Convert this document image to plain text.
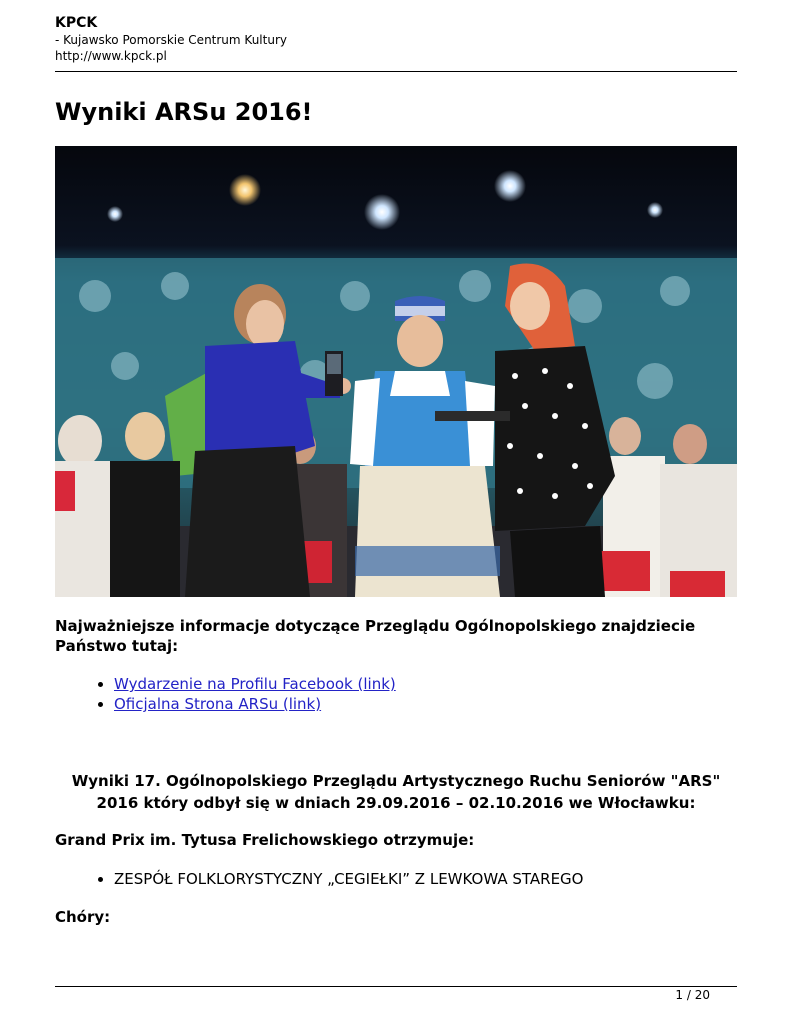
KPCK
- Kujawsko Pomorskie Centrum Kultury
http://www.kpck.pl
Wyniki ARSu 2016!

Najważniejsze informacje dotyczące Przeglądu Ogólnopolskiego znajdziecie Państwo tutaj:

• Wydarzenie na Profilu Facebook (link)
• Oficjalna Strona ARSu (link)

Wyniki 17. Ogólnopolskiego Przeglądu Artystycznego Ruchu Seniorów "ARS" 2016 który odbył się w dniach 29.09.2016 – 02.10.2016 we Włocławku:

Grand Prix im. Tytusa Frelichowskiego otrzymuje:

• ZESPÓŁ FOLKLORYSTYCZNY „CEGIEŁKI” Z LEWKOWA STAREGO

Chóry:

1 / 20
